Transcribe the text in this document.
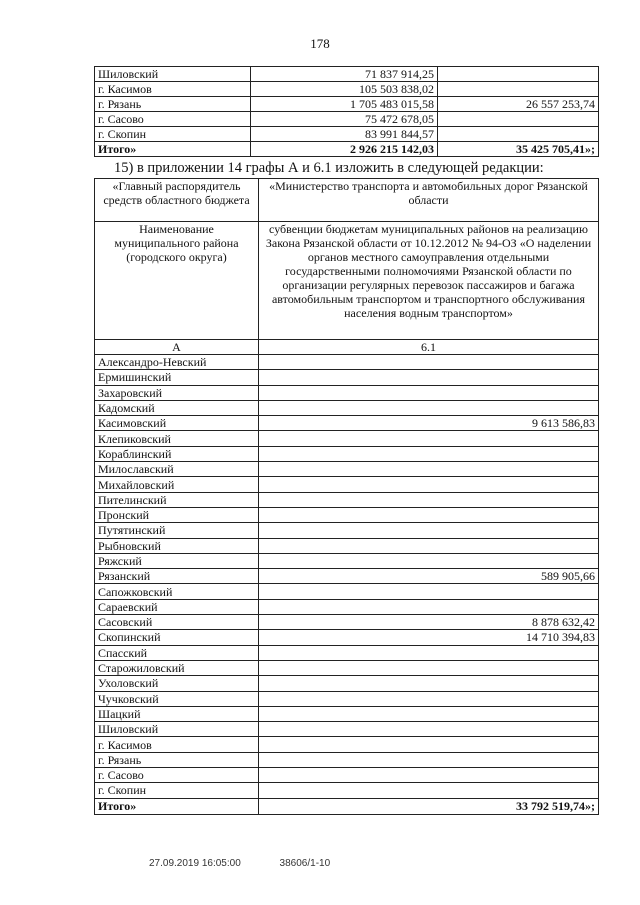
178
Шиловский	71 837 914,25	
г. Касимов	105 503 838,02	
г. Рязань	1 705 483 015,58	26 557 253,74
г. Сасово	75 472 678,05	
г. Скопин	83 991 844,57	
Итого»	2 926 215 142,03	35 425 705,41»;
15) в приложении 14 графы А и 6.1 изложить в следующей редакции:
«Главный распорядитель средств областного бюджета	«Министерство транспорта и автомобильных дорог Рязанской области
Наименование муниципального района (городского округа)	субвенции бюджетам муниципальных районов на реализацию Закона Рязанской области от 10.12.2012 № 94-ОЗ «О наделении органов местного самоуправления отдельными государственными полномочиями Рязанской области по организации регулярных перевозок пассажиров и багажа автомобильным транспортом и транспортного обслуживания населения водным транспортом»
А	6.1
Александро-Невский	
Ермишинский	
Захаровский	
Кадомский	
Касимовский	9 613 586,83
Клепиковский	
Кораблинский	
Милославский	
Михайловский	
Пителинский	
Пронский	
Путятинский	
Рыбновский	
Ряжский	
Рязанский	589 905,66
Сапожковский	
Сараевский	
Сасовский	8 878 632,42
Скопинский	14 710 394,83
Спасский	
Старожиловский	
Ухоловский	
Чучковский	
Шацкий	
Шиловский	
г. Касимов	
г. Рязань	
г. Сасово	
г. Скопин	
Итого»	33 792 519,74»;
27.09.2019 16:05:00	38606/1-10
